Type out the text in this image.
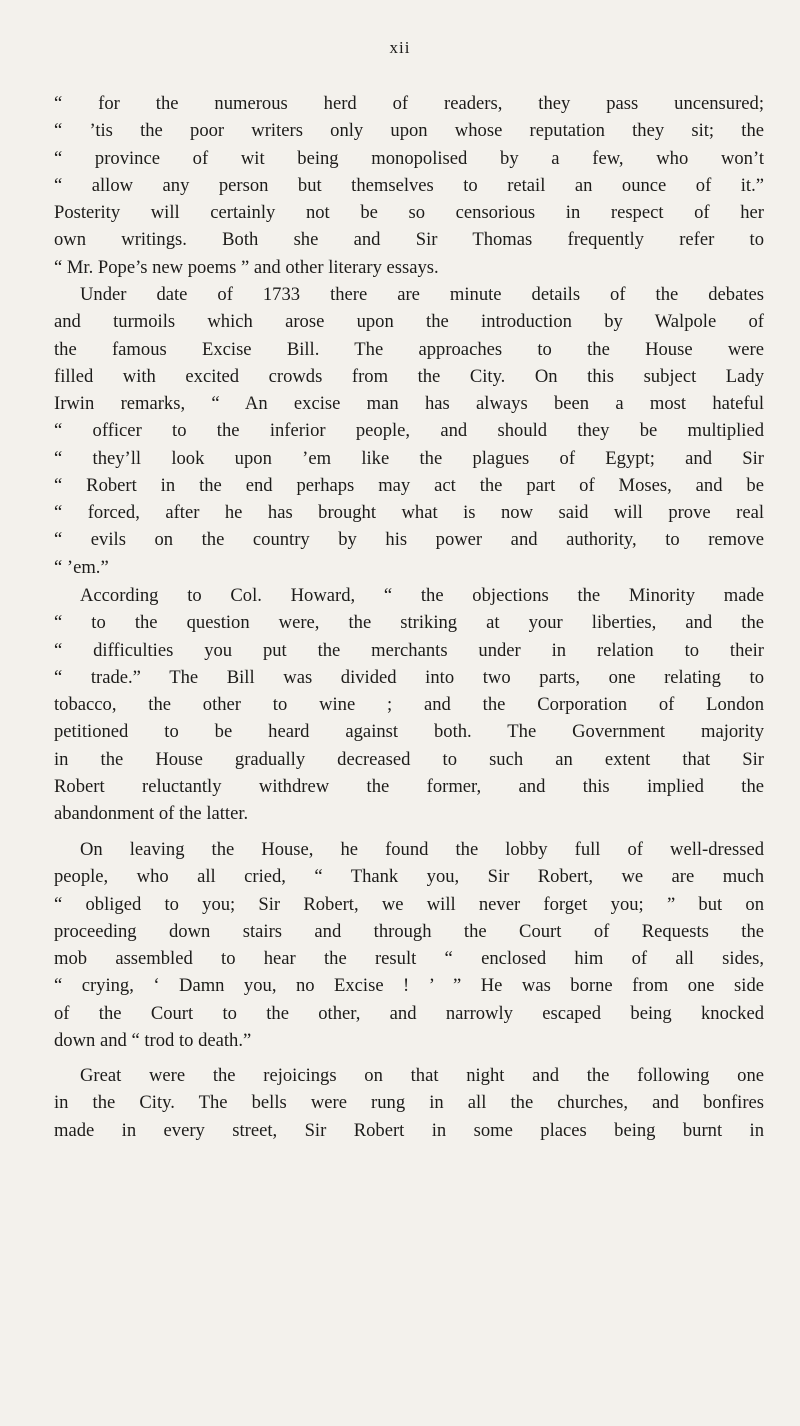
xii
“ for the numerous herd of readers, they pass uncensured;
“ ’tis the poor writers only upon whose reputation they sit; the
“ province of wit being monopolised by a few, who won’t
“ allow any person but themselves to retail an ounce of it.”
Posterity will certainly not be so censorious in respect of her
own writings. Both she and Sir Thomas frequently refer to
“ Mr. Pope’s new poems ” and other literary essays.
Under date of 1733 there are minute details of the debates
and turmoils which arose upon the introduction by Walpole of
the famous Excise Bill. The approaches to the House were
filled with excited crowds from the City. On this subject Lady
Irwin remarks, “ An excise man has always been a most hateful
“ officer to the inferior people, and should they be multiplied
“ they’ll look upon ’em like the plagues of Egypt; and Sir
“ Robert in the end perhaps may act the part of Moses, and be
“ forced, after he has brought what is now said will prove real
“ evils on the country by his power and authority, to remove
“ ’em.”
According to Col. Howard, “ the objections the Minority made
“ to the question were, the striking at your liberties, and the
“ difficulties you put the merchants under in relation to their
“ trade.” The Bill was divided into two parts, one relating to
tobacco, the other to wine ; and the Corporation of London
petitioned to be heard against both. The Government majority
in the House gradually decreased to such an extent that Sir
Robert reluctantly withdrew the former, and this implied the
abandonment of the latter.
On leaving the House, he found the lobby full of well-dressed
people, who all cried, “ Thank you, Sir Robert, we are much
“ obliged to you; Sir Robert, we will never forget you; ” but on
proceeding down stairs and through the Court of Requests the
mob assembled to hear the result “ enclosed him of all sides,
“ crying, ‘ Damn you, no Excise ! ’ ” He was borne from one side
of the Court to the other, and narrowly escaped being knocked
down and “ trod to death.”
Great were the rejoicings on that night and the following one
in the City. The bells were rung in all the churches, and bonfires
made in every street, Sir Robert in some places being burnt in
